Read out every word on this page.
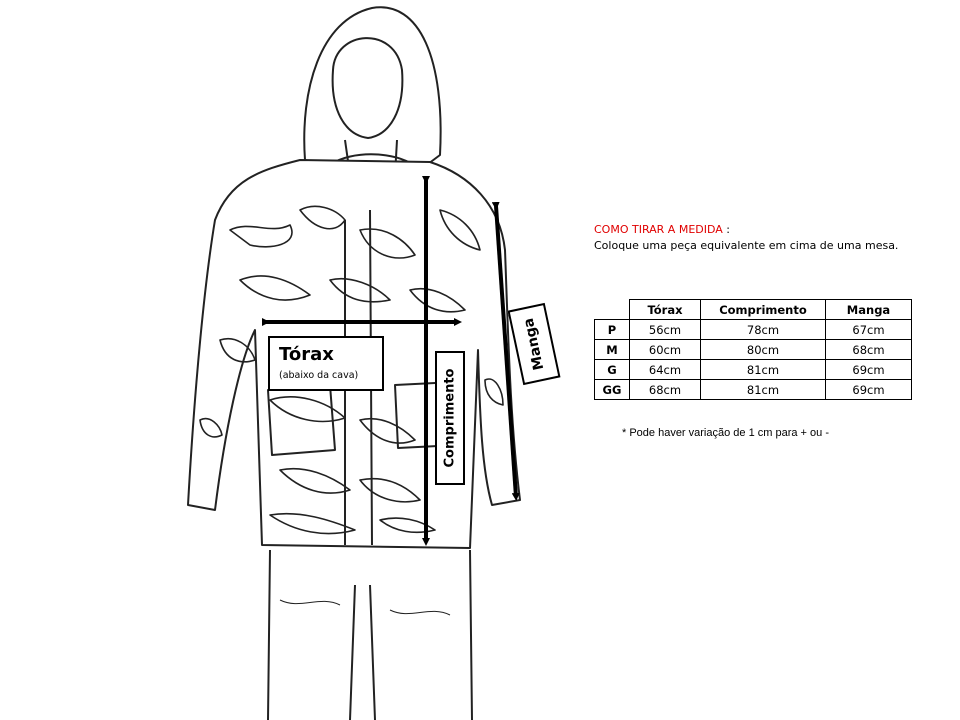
Tórax
(abaixo da cava)	Comprimento
Manga
COMO TIRAR A MEDIDA :
Coloque uma peça equivalente em cima de uma mesa.
	Tórax	Comprimento	Manga
P	56cm	78cm	67cm
M	60cm	80cm	68cm
G	64cm	81cm	69cm
GG	68cm	81cm	69cm
* Pode haver variação de 1 cm para + ou -
